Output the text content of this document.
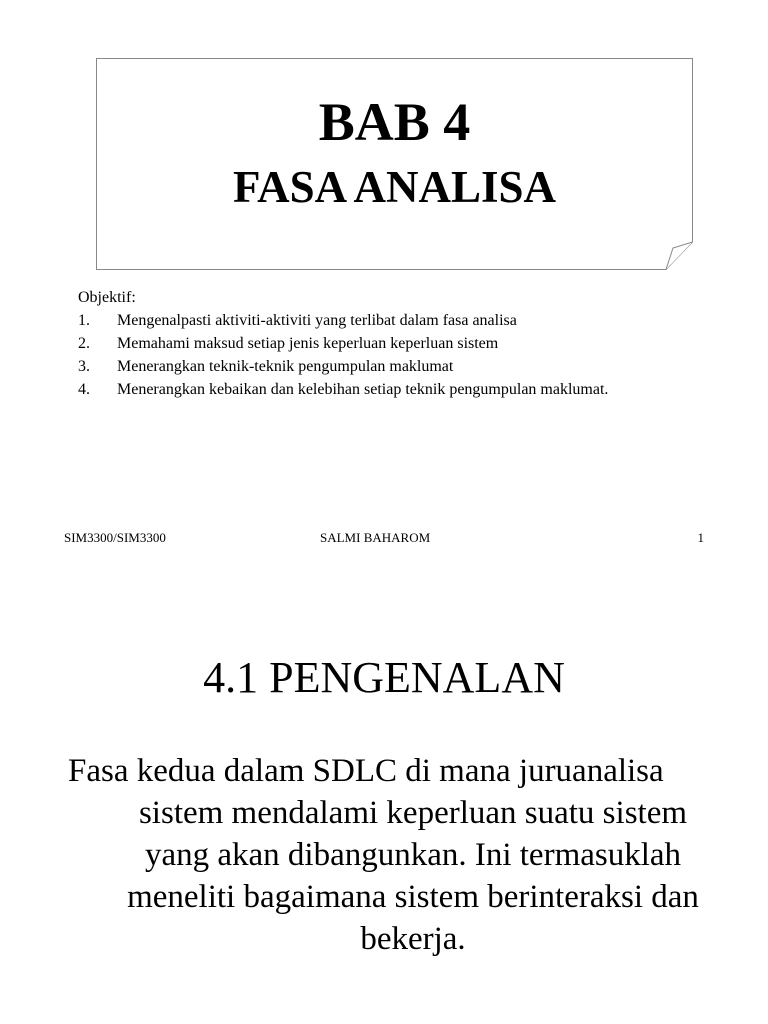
BAB 4
FASA ANALISA

Objektif:

1.	Mengenalpasti aktiviti-aktiviti yang terlibat dalam fasa analisa
2.	Memahami maksud setiap jenis keperluan keperluan sistem
3.	Menerangkan teknik-teknik pengumpulan maklumat
4.	Menerangkan kebaikan dan kelebihan setiap teknik pengumpulan maklumat.
SIM3300/SIM3300	SALMI BAHAROM	1
4.1 PENGENALAN
Fasa kedua dalam SDLC di mana juruanalisa
sistem mendalami keperluan suatu sistem
yang akan dibangunkan. Ini termasuklah
meneliti bagaimana sistem berinteraksi dan
bekerja.
